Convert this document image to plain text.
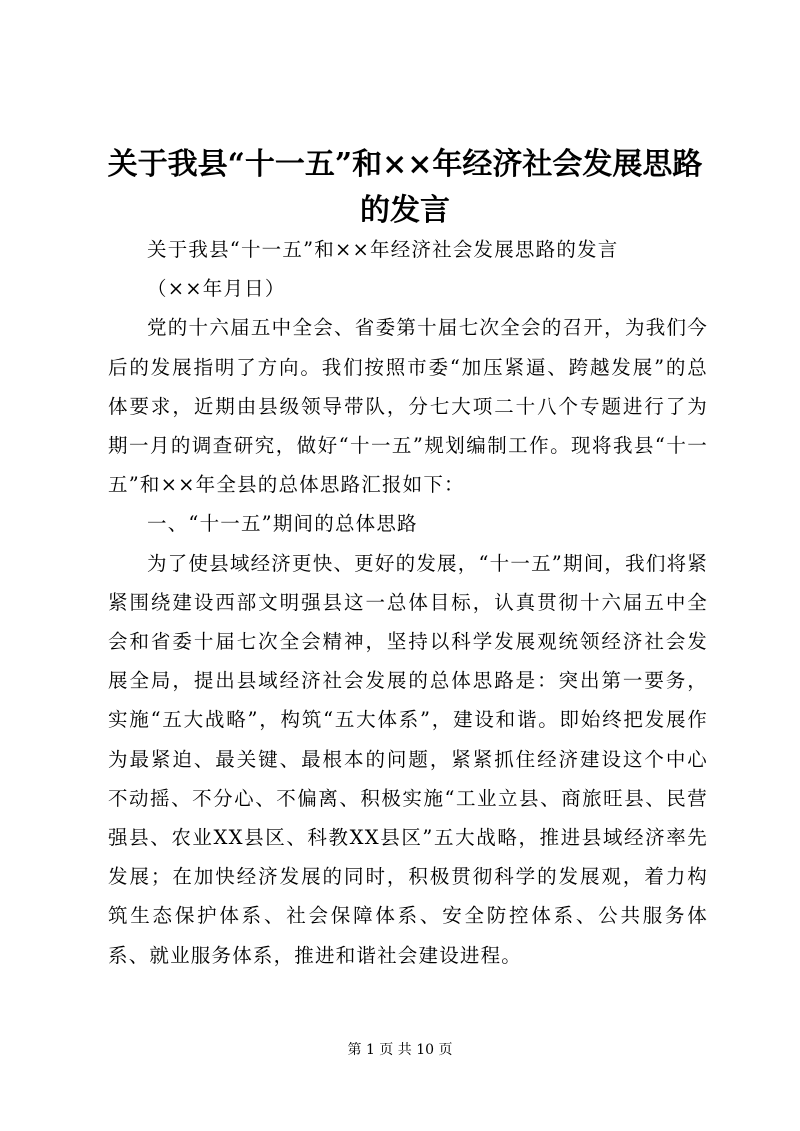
关于我县“十一五”和××年经济社会发展思路的发言

关于我县“十一五”和××年经济社会发展思路的发言

（××年月日）

党的十六届五中全会、省委第十届七次全会的召开，为我们今后的发展指明了方向。我们按照市委“加压紧逼、跨越发展”的总体要求，近期由县级领导带队，分七大项二十八个专题进行了为期一月的调查研究，做好“十一五”规划编制工作。现将我县“十一五”和××年全县的总体思路汇报如下：

一、“十一五”期间的总体思路

为了使县域经济更快、更好的发展，“十一五”期间，我们将紧紧围绕建设西部文明强县这一总体目标，认真贯彻十六届五中全会和省委十届七次全会精神，坚持以科学发展观统领经济社会发展全局，提出县域经济社会发展的总体思路是：突出第一要务，实施“五大战略”，构筑“五大体系”，建设和谐。即始终把发展作为最紧迫、最关键、最根本的问题，紧紧抓住经济建设这个中心不动摇、不分心、不偏离、积极实施“工业立县、商旅旺县、民营强县、农业XX县区、科教XX县区”五大战略，推进县域经济率先发展；在加快经济发展的同时，积极贯彻科学的发展观，着力构筑生态保护体系、社会保障体系、安全防控体系、公共服务体系、就业服务体系，推进和谐社会建设进程。

第 1 页 共 10 页
